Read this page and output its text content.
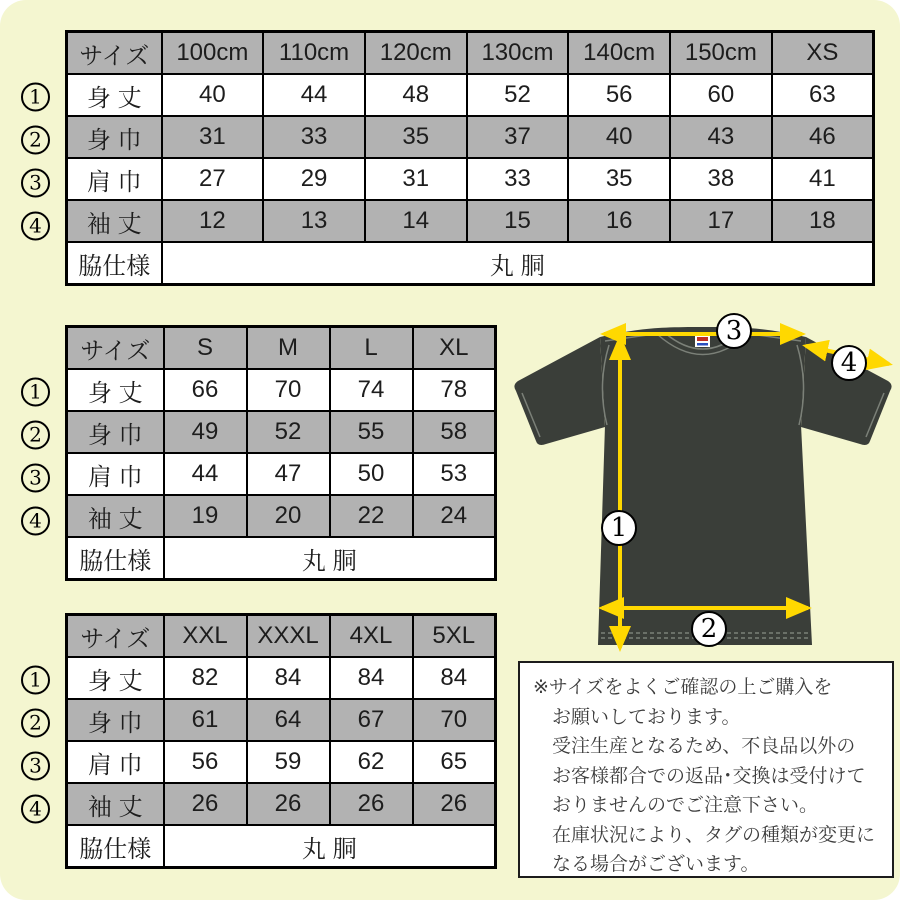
1
2
3
4
サイズ	100cm	110cm	120cm	130cm	140cm	150cm	XS
身 丈	40	44	48	52	56	60	63
身 巾	31	33	35	37	40	43	46
肩 巾	27	29	31	33	35	38	41
袖 丈	12	13	14	15	16	17	18
脇仕様	丸 胴						
1
2
3
4
サイズ	S	M	L	XL
身 丈	66	70	74	78
身 巾	49	52	55	58
肩 巾	44	47	50	53
袖 丈	19	20	22	24
脇仕様	丸 胴			
1
2
3
4
サイズ	XXL	XXXL	4XL	5XL
身 丈	82	84	84	84
身 巾	61	64	67	70
肩 巾	56	59	62	65
袖 丈	26	26	26	26
脇仕様	丸 胴			
1
2
3
4
※サイズをよくご確認の上ご購入を
お願いしております。
受注生産となるため、不良品以外の
お客様都合での返品･交換は受付けて
おりませんのでご注意下さい。
在庫状況により、タグの種類が変更に
なる場合がございます。
